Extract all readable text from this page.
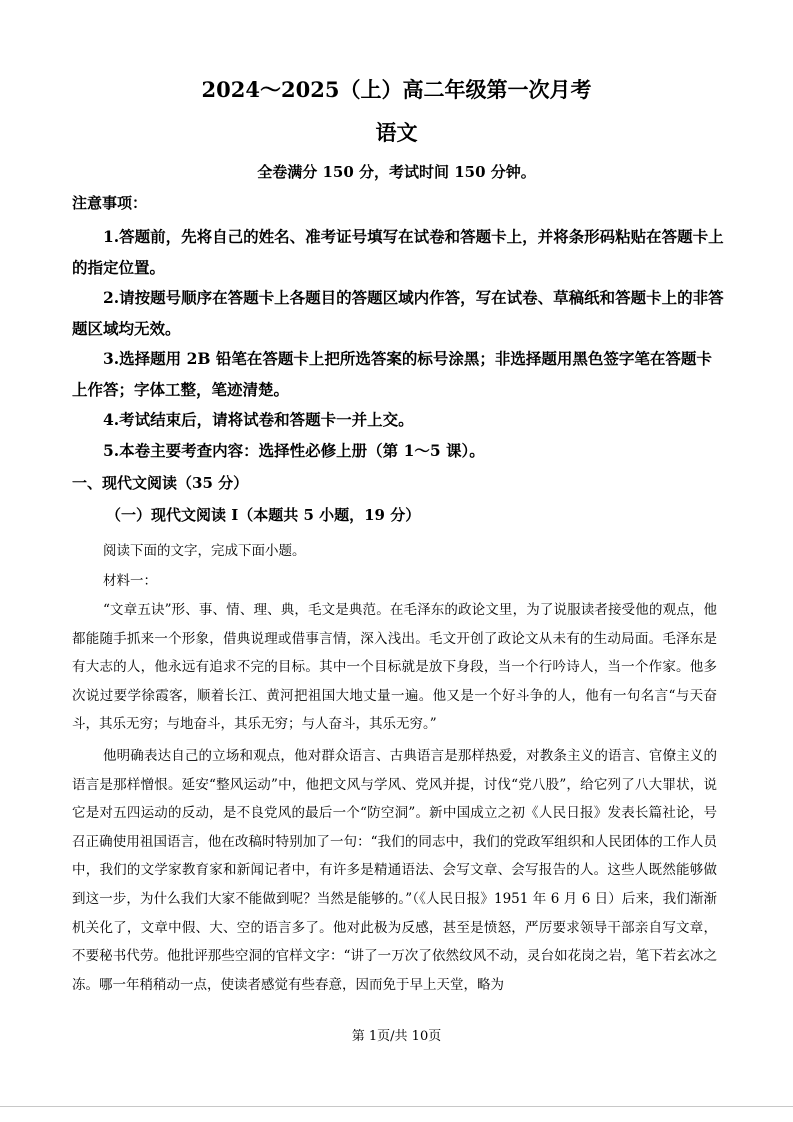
2024～2025（上）高二年级第一次月考
语文
全卷满分 150 分，考试时间 150 分钟。
注意事项：

1.答题前，先将自己的姓名、准考证号填写在试卷和答题卡上，并将条形码粘贴在答题卡上的指定位置。

2.请按题号顺序在答题卡上各题目的答题区域内作答，写在试卷、草稿纸和答题卡上的非答题区域均无效。

3.选择题用 2B 铅笔在答题卡上把所选答案的标号涂黑；非选择题用黑色签字笔在答题卡上作答；字体工整，笔迹清楚。

4.考试结束后，请将试卷和答题卡一并上交。

5.本卷主要考查内容：选择性必修上册（第 1～5 课）。

一、现代文阅读（35 分）
（一）现代文阅读 I（本题共 5 小题，19 分）
阅读下面的文字，完成下面小题。
材料一：

“文章五诀”形、事、情、理、典，毛文是典范。在毛泽东的政论文里，为了说服读者接受他的观点，他都能随手抓来一个形象，借典说理或借事言情，深入浅出。毛文开创了政论文从未有的生动局面。毛泽东是有大志的人，他永远有追求不完的目标。其中一个目标就是放下身段，当一个行吟诗人，当一个作家。他多次说过要学徐霞客，顺着长江、黄河把祖国大地丈量一遍。他又是一个好斗争的人，他有一句名言“与天奋斗，其乐无穷；与地奋斗，其乐无穷；与人奋斗，其乐无穷。”

他明确表达自己的立场和观点，他对群众语言、古典语言是那样热爱，对教条主义的语言、官僚主义的语言是那样憎恨。延安“整风运动”中，他把文风与学风、党风并提，讨伐“党八股”，给它列了八大罪状，说它是对五四运动的反动，是不良党风的最后一个“防空洞”。新中国成立之初《人民日报》发表长篇社论，号召正确使用祖国语言，他在改稿时特别加了一句：“我们的同志中，我们的党政军组织和人民团体的工作人员中，我们的文学家教育家和新闻记者中，有许多是精通语法、会写文章、会写报告的人。这些人既然能够做到这一步，为什么我们大家不能做到呢？当然是能够的。”（《人民日报》1951 年 6 月 6 日）后来，我们渐渐机关化了，文章中假、大、空的语言多了。他对此极为反感，甚至是愤怒，严厉要求领导干部亲自写文章，不要秘书代劳。他批评那些空洞的官样文字：“讲了一万次了依然纹风不动，灵台如花岗之岩，笔下若玄冰之冻。哪一年稍稍动一点，使读者感觉有些春意，因而免于早上天堂，略为

第 1页/共 10页
